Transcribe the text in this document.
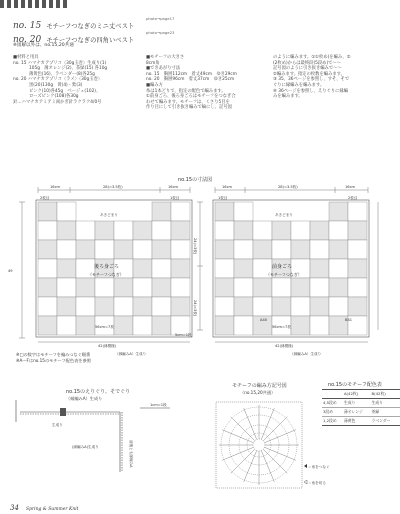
no. 15 モチーフつなぎのミニ丈ベスト
photo→page17
no. 20 モチーフつなぎの四角いベスト
photo→page23
※図解以外は、no.15,20共通
■材料と用具
no. 15 ハマナカアプリコ〈30g玉巻〉生成り(1)
105g　薄オレンジ(2)、茶緑(15) 各10g
薄黄色(16)、ラベンダー(8)各25g
no. 20 ハマナカアプリコ〈ラメ〉〈30g玉巻〉
黒(20)130g　黄(4)・紫(3)
ピンク(10)各45g　ベージュ(102)、
ローズピンク(108)各30g
針…ハマナカアミアミ両かぎ針ラクラク4/0号
■モチーフの大きさ
8cm角
■できあがり寸法
no. 15　胸囲112cm　着丈49cm　ゆき29cm
no. 20　胸囲96cm　着丈37cm　ゆき25cm
■編み方
糸は1本どりで、指定の配色で編みます。
①前身ごろ、後ろ身ごろはモチーフをつなぎ合
わせて編みます。モチーフは、くさり5目を
作り目にして引き抜き編みで輪にし、記号図
のように編みます。①①枚め)を編み、②
(2枚め)からは最終段(5段め)で～～
記号図のように引き抜き編みで～～
②編みます。指定の枚数を編みます。
③ 35、36ページを参照し、すそ、そで
ぐりに縁編みを編みます。
④ 36ページを参照し、えりぐりに縁編
みを編みます。
no.15の寸法図
16cm	28(=3.5枚)	16cm
2枚目	1枚目
あきどまり
49
24(=3枚)
24(=3枚)
56cm=7枚
42(縁模様)
5cm=1段
（縁編みA）生成り
16cm	28(=3.5枚)	16cm
1枚目	2枚目
あきどまり
A40	B41
56cm=7枚
42(縁模様)
（縁編みA）生成り
後ろ身ごろ
（モチーフつなぎ）
前身ごろ
（モチーフつなぎ）
※□の数字はモチーフを編みつなぐ順番
※A～Fはno.15のモチーフ配色表を参照
no.15のえりぐり、そでぐり
（縁編みA）生成り
1cm=1段
前後とも縁編みA
生成り
(縁編みA)生成り
モチーフの編み方記号図
（no.15,20共通）
＝糸をつなぐ
＝糸を切る
no.15のモチーフ配色表
A(42枚)	B(42枚)
4,5段め	生成り	生成り
3段め	薄オレンジ	茶緑
1,2段め	薄黄色	ラベンダー
34 Spring & Summer Knit
